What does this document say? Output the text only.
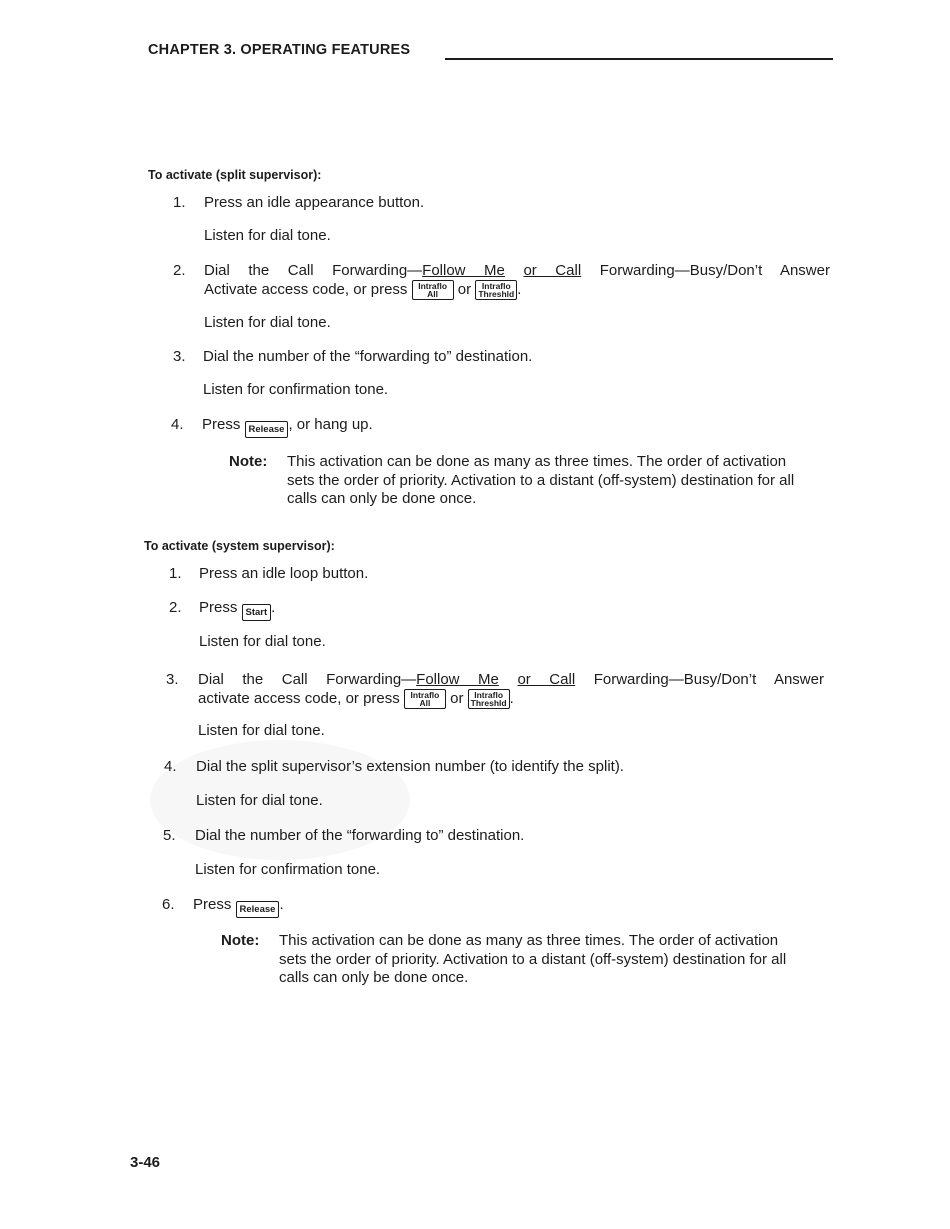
CHAPTER 3. OPERATING FEATURES
To activate (split supervisor):
1. Press an idle appearance button.
Listen for dial tone.
2. Dial the Call Forwarding—Follow Me or Call Forwarding—Busy/Don’t Answer
Activate access code, or press	Intraflo
All	or	Intraflo
Threshld .
Listen for dial tone.
3. Dial the number of the “forwarding to” destination.
Listen for confirmation tone.
4. Press Release , or hang up.
Note: This activation can be done as many as three times. The order of activation sets the order of priority. Activation to a distant (off-system) destination for all calls can only be done once.
To activate (system supervisor):
1. Press an idle loop button.
2. Press Start .
Listen for dial tone.
3. Dial the Call Forwarding—Follow Me or Call Forwarding—Busy/Don’t Answer
activate access code, or press	Intraflo
All	or	Intraflo
Threshld .
Listen for dial tone.
4. Dial the split supervisor’s extension number (to identify the split).
Listen for dial tone.
5. Dial the number of the “forwarding to” destination.
Listen for confirmation tone.
6. Press Release .
Note: This activation can be done as many as three times. The order of activation sets the order of priority. Activation to a distant (off-system) destination for all calls can only be done once.
3-46
